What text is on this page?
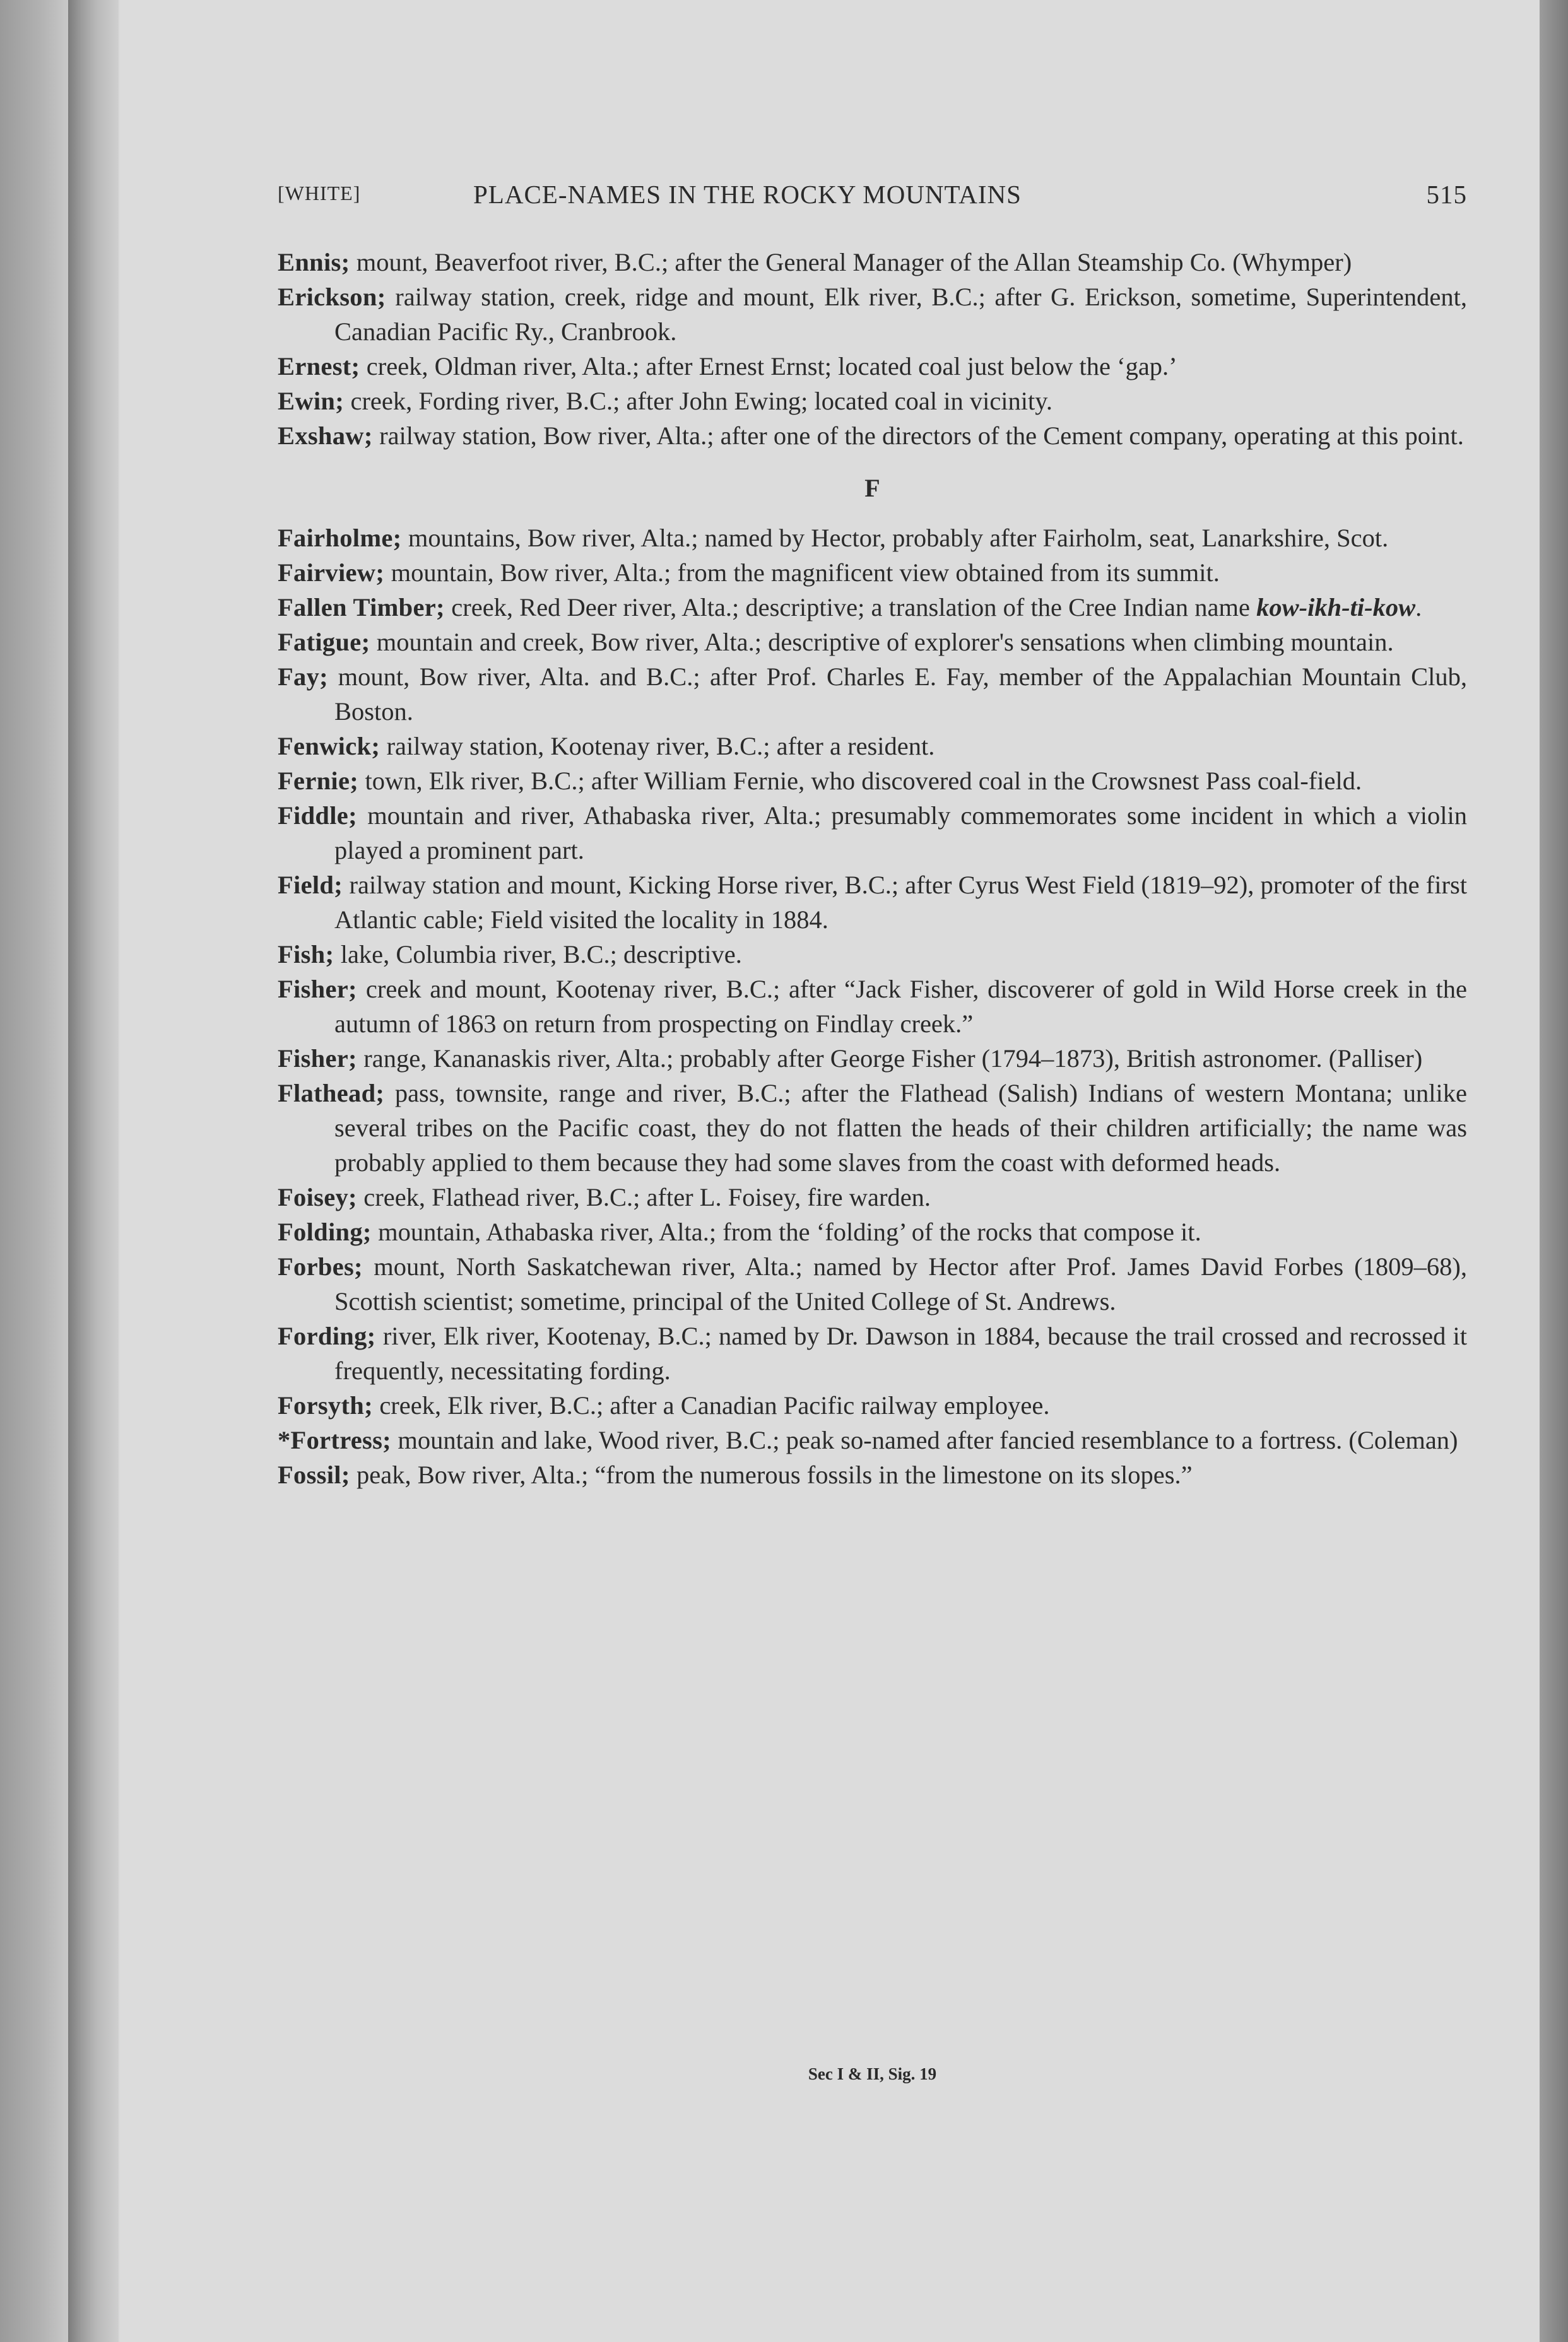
[WHITE]	PLACE-NAMES IN THE ROCKY MOUNTAINS	515

Ennis; mount, Beaverfoot river, B.C.; after the General Manager of the Allan Steamship Co. (Whymper)

Erickson; railway station, creek, ridge and mount, Elk river, B.C.; after G. Erickson, sometime, Superintendent, Canadian Pacific Ry., Cranbrook.

Ernest; creek, Oldman river, Alta.; after Ernest Ernst; located coal just below the ‘gap.’

Ewin; creek, Fording river, B.C.; after John Ewing; located coal in vicinity.

Exshaw; railway station, Bow river, Alta.; after one of the directors of the Cement company, operating at this point.

F

Fairholme; mountains, Bow river, Alta.; named by Hector, probably after Fairholm, seat, Lanarkshire, Scot.

Fairview; mountain, Bow river, Alta.; from the magnificent view obtained from its summit.

Fallen Timber; creek, Red Deer river, Alta.; descriptive; a translation of the Cree Indian name kow-ikh-ti-kow.

Fatigue; mountain and creek, Bow river, Alta.; descriptive of explorer's sensations when climbing mountain.

Fay; mount, Bow river, Alta. and B.C.; after Prof. Charles E. Fay, member of the Appalachian Mountain Club, Boston.

Fenwick; railway station, Kootenay river, B.C.; after a resident.

Fernie; town, Elk river, B.C.; after William Fernie, who discovered coal in the Crowsnest Pass coal-field.

Fiddle; mountain and river, Athabaska river, Alta.; presumably commemorates some incident in which a violin played a prominent part.

Field; railway station and mount, Kicking Horse river, B.C.; after Cyrus West Field (1819–92), promoter of the first Atlantic cable; Field visited the locality in 1884.

Fish; lake, Columbia river, B.C.; descriptive.

Fisher; creek and mount, Kootenay river, B.C.; after “Jack Fisher, discoverer of gold in Wild Horse creek in the autumn of 1863 on return from prospecting on Findlay creek.”

Fisher; range, Kananaskis river, Alta.; probably after George Fisher (1794–1873), British astronomer. (Palliser)

Flathead; pass, townsite, range and river, B.C.; after the Flathead (Salish) Indians of western Montana; unlike several tribes on the Pacific coast, they do not flatten the heads of their children artificially; the name was probably applied to them because they had some slaves from the coast with deformed heads.

Foisey; creek, Flathead river, B.C.; after L. Foisey, fire warden.

Folding; mountain, Athabaska river, Alta.; from the ‘folding’ of the rocks that compose it.

Forbes; mount, North Saskatchewan river, Alta.; named by Hector after Prof. James David Forbes (1809–68), Scottish scientist; sometime, principal of the United College of St. Andrews.

Fording; river, Elk river, Kootenay, B.C.; named by Dr. Dawson in 1884, because the trail crossed and recrossed it frequently, necessitating fording.

Forsyth; creek, Elk river, B.C.; after a Canadian Pacific railway employee.

*Fortress; mountain and lake, Wood river, B.C.; peak so-named after fancied resemblance to a fortress. (Coleman)

Fossil; peak, Bow river, Alta.; “from the numerous fossils in the limestone on its slopes.”

Sec I & II, Sig. 19
